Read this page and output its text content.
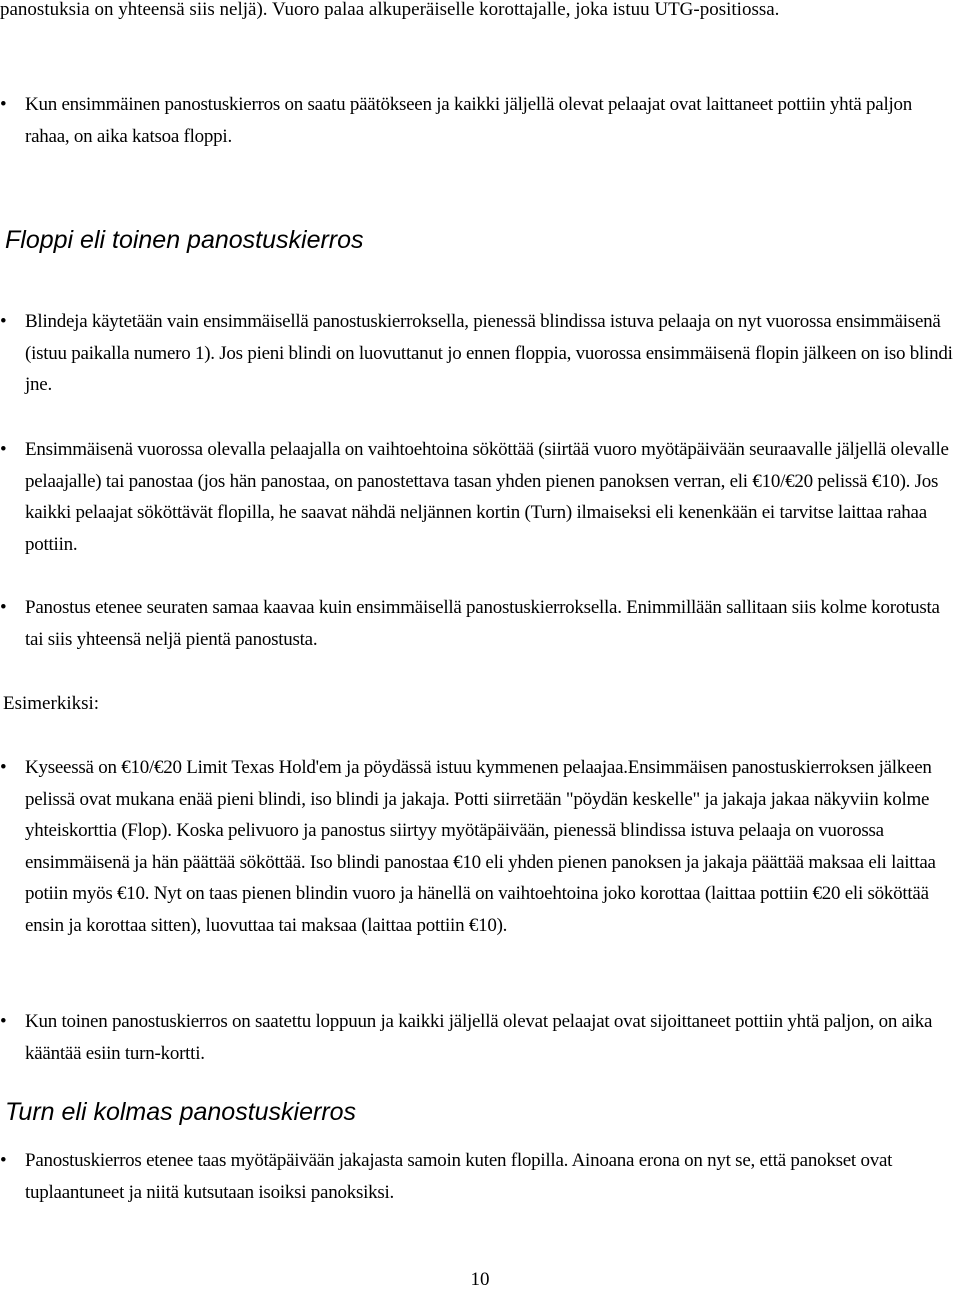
panostuksia on yhteensä siis neljä). Vuoro palaa alkuperäiselle korottajalle, joka istuu UTG-positiossa.

• Kun ensimmäinen panostuskierros on saatu päätökseen ja kaikki jäljellä olevat pelaajat ovat laittaneet pottiin yhtä paljon rahaa, on aika katsoa floppi.
Floppi eli toinen panostuskierros
• Blindeja käytetään vain ensimmäisellä panostuskierroksella, pienessä blindissa istuva pelaaja on nyt vuorossa ensimmäisenä (istuu paikalla numero 1). Jos pieni blindi on luovuttanut jo ennen floppia, vuorossa ensimmäisenä flopin jälkeen on iso blindi jne.
• Ensimmäisenä vuorossa olevalla pelaajalla on vaihtoehtoina sököttää (siirtää vuoro myötäpäivään seuraavalle jäljellä olevalle pelaajalle) tai panostaa (jos hän panostaa, on panostettava tasan yhden pienen panoksen verran, eli €10/€20 pelissä €10). Jos kaikki pelaajat sököttävät flopilla, he saavat nähdä neljännen kortin (Turn) ilmaiseksi eli kenenkään ei tarvitse laittaa rahaa pottiin.
• Panostus etenee seuraten samaa kaavaa kuin ensimmäisellä panostuskierroksella. Enimmillään sallitaan siis kolme korotusta tai siis yhteensä neljä pientä panostusta.

Esimerkiksi:

• Kyseessä on €10/€20 Limit Texas Hold'em ja pöydässä istuu kymmenen pelaajaa.Ensimmäisen panostuskierroksen jälkeen pelissä ovat mukana enää pieni blindi, iso blindi ja jakaja. Potti siirretään "pöydän keskelle" ja jakaja jakaa näkyviin kolme yhteiskorttia (Flop). Koska pelivuoro ja panostus siirtyy myötäpäivään, pienessä blindissa istuva pelaaja on vuorossa ensimmäisenä ja hän päättää sököttää. Iso blindi panostaa €10 eli yhden pienen panoksen ja jakaja päättää maksaa eli laittaa potiin myös €10. Nyt on taas pienen blindin vuoro ja hänellä on vaihtoehtoina joko korottaa (laittaa pottiin €20 eli sököttää ensin ja korottaa sitten), luovuttaa tai maksaa (laittaa pottiin €10).
• Kun toinen panostuskierros on saatettu loppuun ja kaikki jäljellä olevat pelaajat ovat sijoittaneet pottiin yhtä paljon, on aika kääntää esiin turn-kortti.
Turn eli kolmas panostuskierros
• Panostuskierros etenee taas myötäpäivään jakajasta samoin kuten flopilla. Ainoana erona on nyt se, että panokset ovat tuplaantuneet ja niitä kutsutaan isoiksi panoksiksi.
10
